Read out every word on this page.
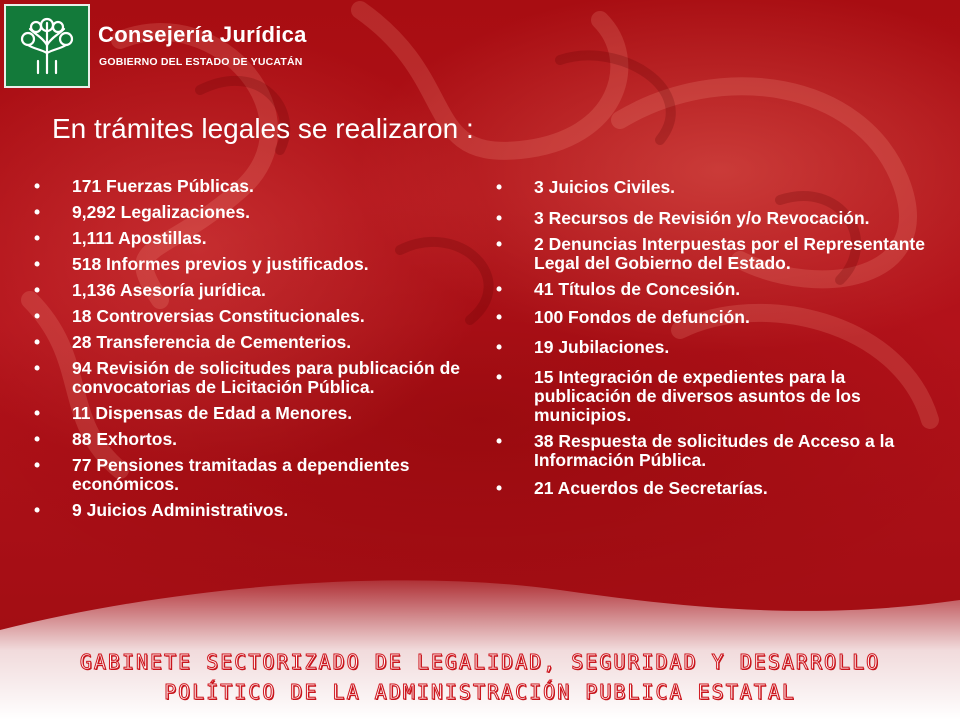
Consejería Jurídica
GOBIERNO DEL ESTADO DE YUCATÁN
En trámites legales se realizaron :
• 171 Fuerzas Públicas.
• 9,292 Legalizaciones.
• 1,111 Apostillas.
• 518 Informes previos y justificados.
• 1,136 Asesoría jurídica.
• 18 Controversias Constitucionales.
• 28 Transferencia de Cementerios.
• 94 Revisión de solicitudes para publicación de convocatorias de Licitación Pública.
• 11 Dispensas de Edad a Menores.
• 88 Exhortos.
• 77 Pensiones tramitadas a dependientes económicos.
• 9 Juicios Administrativos.
• 3 Juicios Civiles.
• 3 Recursos de Revisión y/o Revocación.
• 2 Denuncias Interpuestas por el Representante Legal del Gobierno del Estado.
• 41 Títulos de Concesión.
• 100 Fondos de defunción.
• 19 Jubilaciones.
• 15 Integración de expedientes para la publicación de diversos asuntos de los municipios.
• 38 Respuesta de solicitudes de Acceso a la Información Pública.
• 21 Acuerdos de Secretarías.
GABINETE SECTORIZADO DE LEGALIDAD, SEGURIDAD Y DESARROLLO
POLÍTICO DE LA ADMINISTRACIÓN PUBLICA ESTATAL
